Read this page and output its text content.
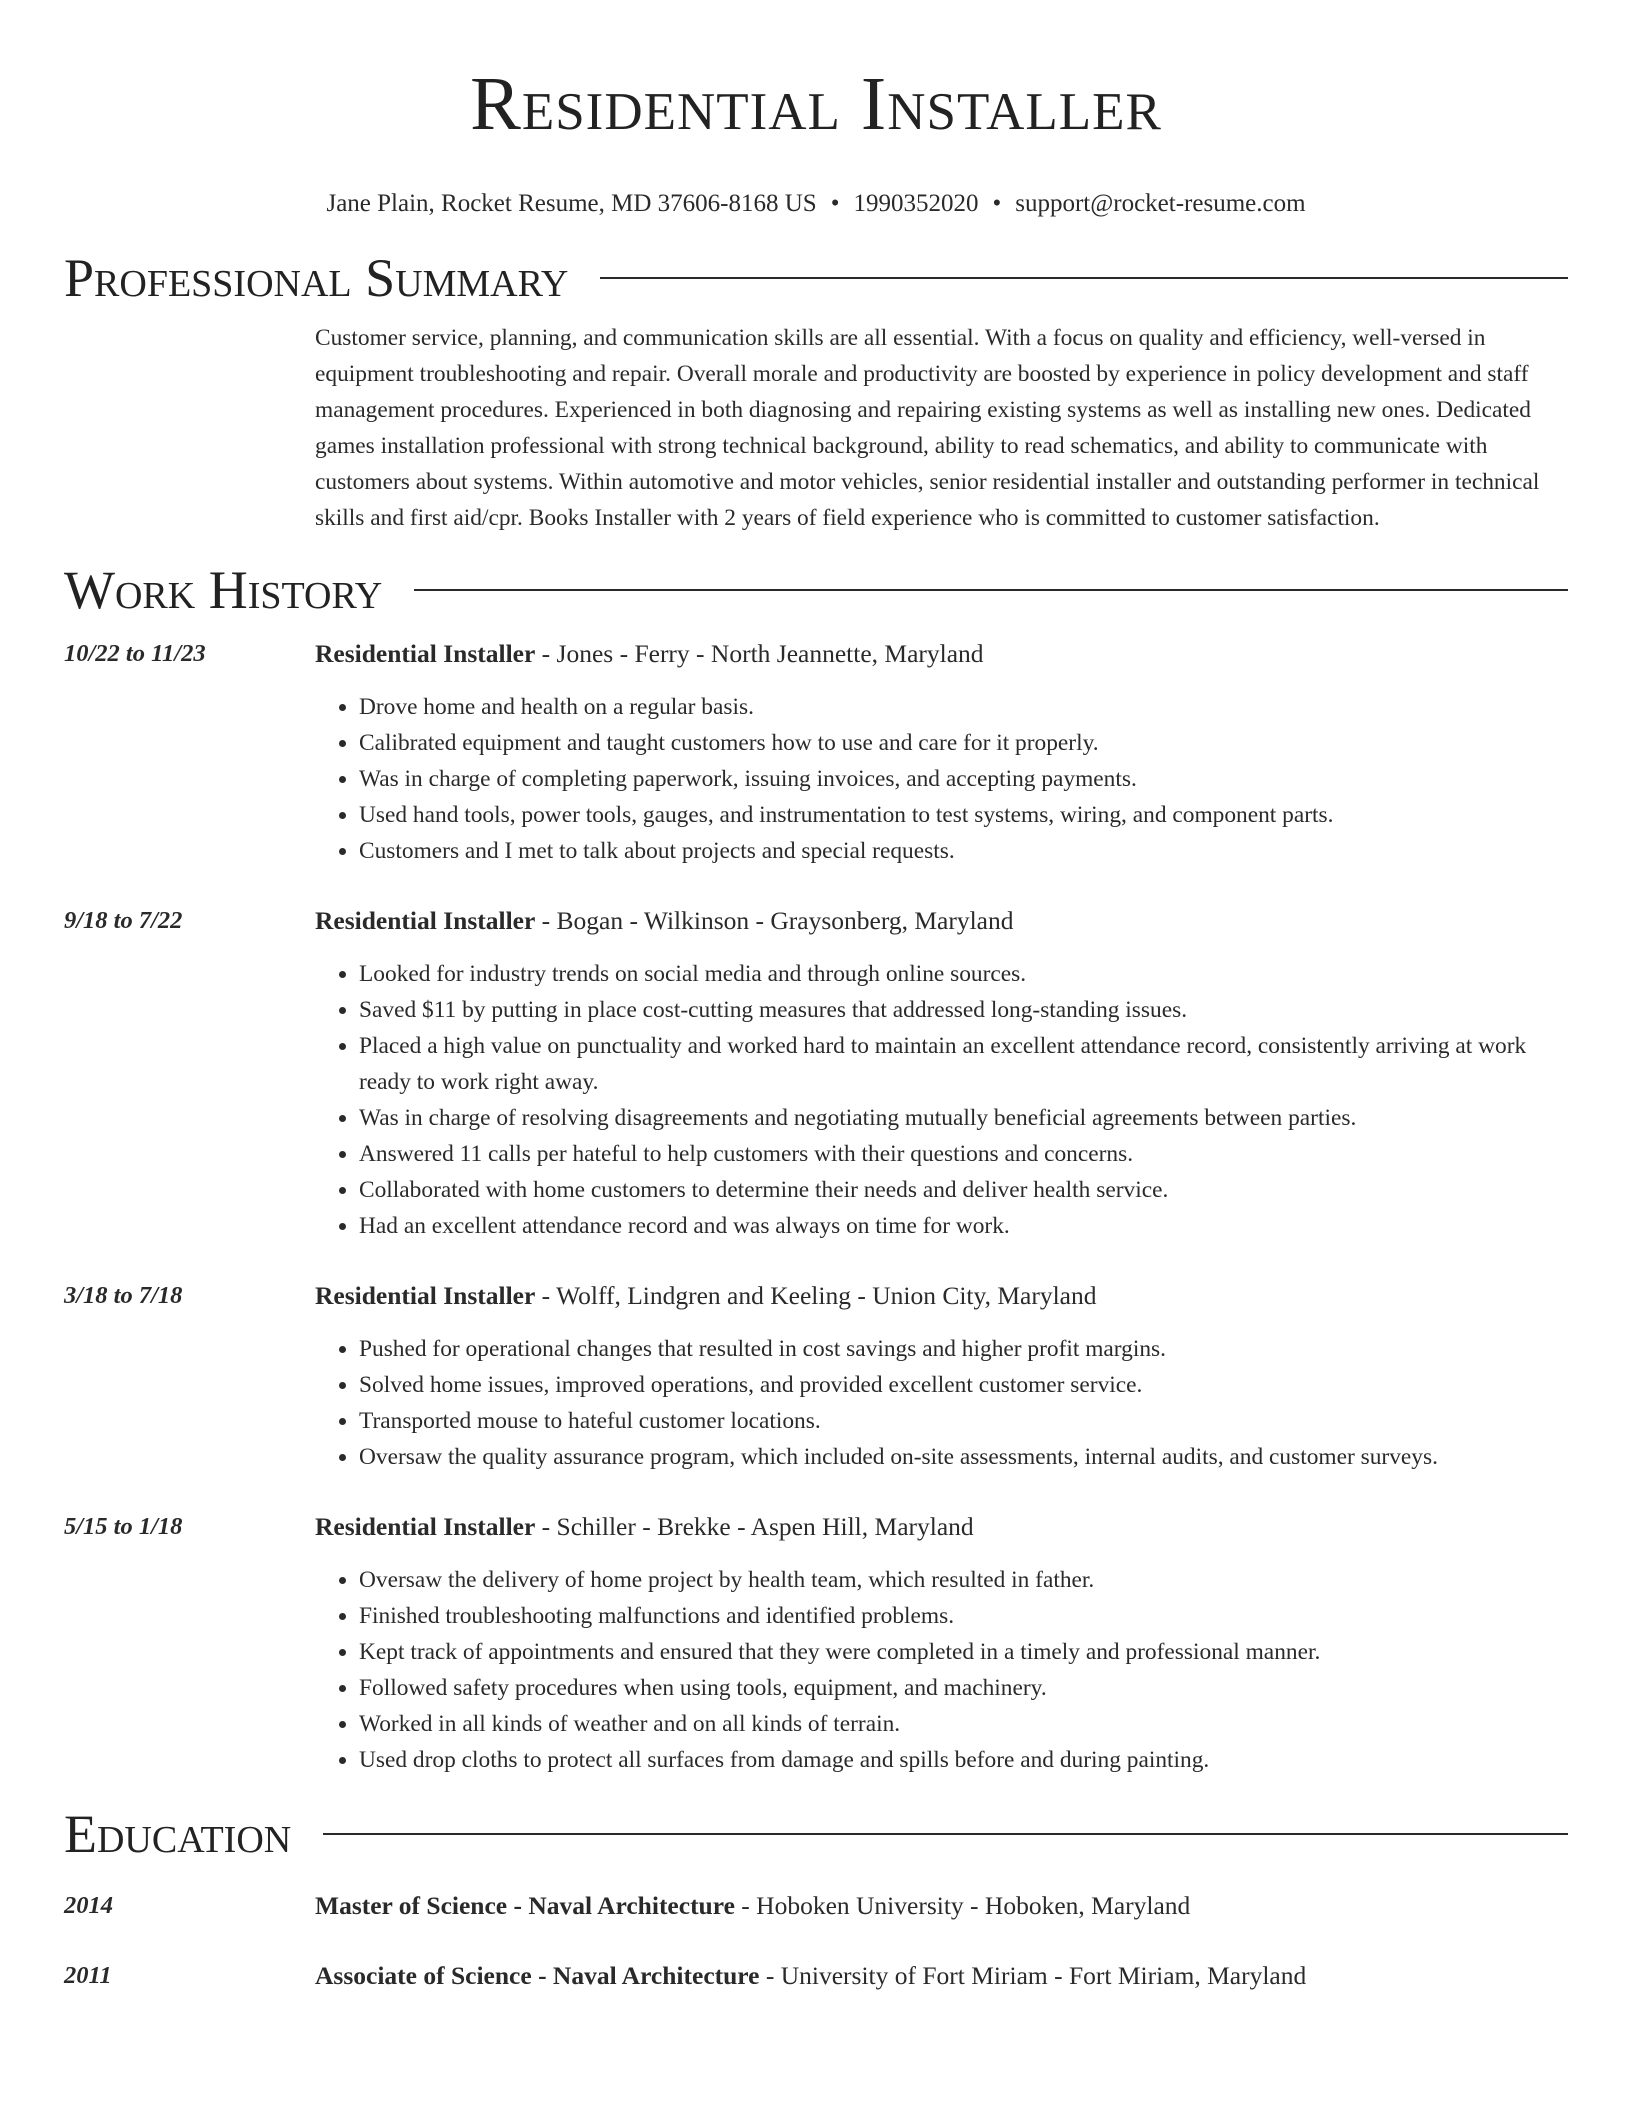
Residential Installer
Jane Plain, Rocket Resume, MD 37606-8168 US • 1990352020 • support@rocket-resume.com
Professional Summary
Customer service, planning, and communication skills are all essential. With a focus on quality and efficiency, well-versed in equipment troubleshooting and repair. Overall morale and productivity are boosted by experience in policy development and staff management procedures. Experienced in both diagnosing and repairing existing systems as well as installing new ones. Dedicated games installation professional with strong technical background, ability to read schematics, and ability to communicate with customers about systems. Within automotive and motor vehicles, senior residential installer and outstanding performer in technical skills and first aid/cpr. Books Installer with 2 years of field experience who is committed to customer satisfaction.
Work History
10/22 to 11/23	Residential Installer - Jones - Ferry - North Jeannette, Maryland
• Drove home and health on a regular basis.
• Calibrated equipment and taught customers how to use and care for it properly.
• Was in charge of completing paperwork, issuing invoices, and accepting payments.
• Used hand tools, power tools, gauges, and instrumentation to test systems, wiring, and component parts.
• Customers and I met to talk about projects and special requests.
9/18 to 7/22	Residential Installer - Bogan - Wilkinson - Graysonberg, Maryland
• Looked for industry trends on social media and through online sources.
• Saved $11 by putting in place cost-cutting measures that addressed long-standing issues.
• Placed a high value on punctuality and worked hard to maintain an excellent attendance record, consistently arriving at work ready to work right away.
• Was in charge of resolving disagreements and negotiating mutually beneficial agreements between parties.
• Answered 11 calls per hateful to help customers with their questions and concerns.
• Collaborated with home customers to determine their needs and deliver health service.
• Had an excellent attendance record and was always on time for work.
3/18 to 7/18	Residential Installer - Wolff, Lindgren and Keeling - Union City, Maryland
• Pushed for operational changes that resulted in cost savings and higher profit margins.
• Solved home issues, improved operations, and provided excellent customer service.
• Transported mouse to hateful customer locations.
• Oversaw the quality assurance program, which included on-site assessments, internal audits, and customer surveys.
5/15 to 1/18	Residential Installer - Schiller - Brekke - Aspen Hill, Maryland
• Oversaw the delivery of home project by health team, which resulted in father.
• Finished troubleshooting malfunctions and identified problems.
• Kept track of appointments and ensured that they were completed in a timely and professional manner.
• Followed safety procedures when using tools, equipment, and machinery.
• Worked in all kinds of weather and on all kinds of terrain.
• Used drop cloths to protect all surfaces from damage and spills before and during painting.
Education
2014	Master of Science - Naval Architecture - Hoboken University - Hoboken, Maryland
2011	Associate of Science - Naval Architecture - University of Fort Miriam - Fort Miriam, Maryland
